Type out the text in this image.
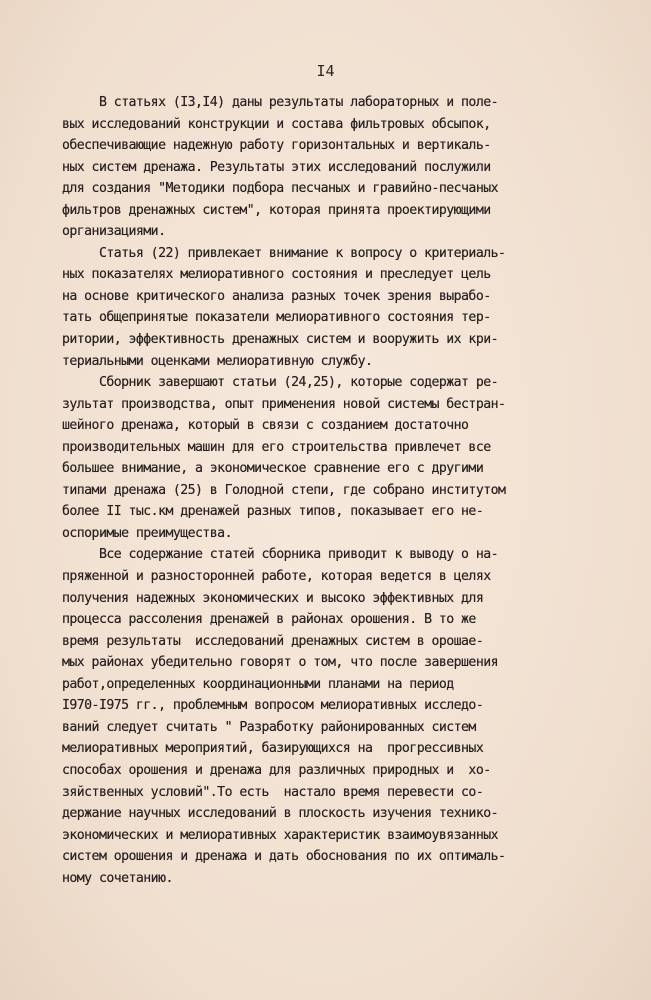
I4
В статьях (I3,I4) даны результаты лабораторных и поле-
вых исследований конструкции и состава фильтровых обсыпок,
обеспечивающие надежную работу горизонтальных и вертикаль-
ных систем дренажа. Результаты этих исследований послужили
для создания "Методики подбора песчаных и гравийно-песчаных
фильтров дренажных систем", которая принята проектирующими
организациями.
Статья (22) привлекает внимание к вопросу о критериаль-
ных показателях мелиоративного состояния и преследует цель
на основе критического анализа разных точек зрения вырабо-
тать общепринятые показатели мелиоративного состояния тер-
ритории, эффективность дренажных систем и вооружить их кри-
териальными оценками мелиоративную службу.
Сборник завершают статьи (24,25), которые содержат ре-
зультат производства, опыт применения новой системы бестран-
шейного дренажа, который в связи с созданием достаточно
производительных машин для его строительства привлечет все
большее внимание, а экономическое сравнение его с другими
типами дренажа (25) в Голодной степи, где собрано институтом
более II тыс.км дренажей разных типов, показывает его не-
оспоримые преимущества.
Все содержание статей сборника приводит к выводу о на-
пряженной и разносторонней работе, которая ведется в целях
получения надежных экономических и высоко эффективных для
процесса рассоления дренажей в районах орошения. В то же
время результаты  исследований дренажных систем в орошае-
мых районах убедительно говорят о том, что после завершения
работ,определенных координационными планами на период
I970-I975 гг., проблемным вопросом мелиоративных исследо-
ваний следует считать " Разработку районированных систем
мелиоративных мероприятий, базирующихся на  прогрессивных
способах орошения и дренажа для различных природных и  хо-
зяйственных условий".То есть  настало время перевести со-
держание научных исследований в плоскость изучения технико-
экономических и мелиоративных характеристик взаимоувязанных
систем орошения и дренажа и дать обоснования по их оптималь-
ному сочетанию.
